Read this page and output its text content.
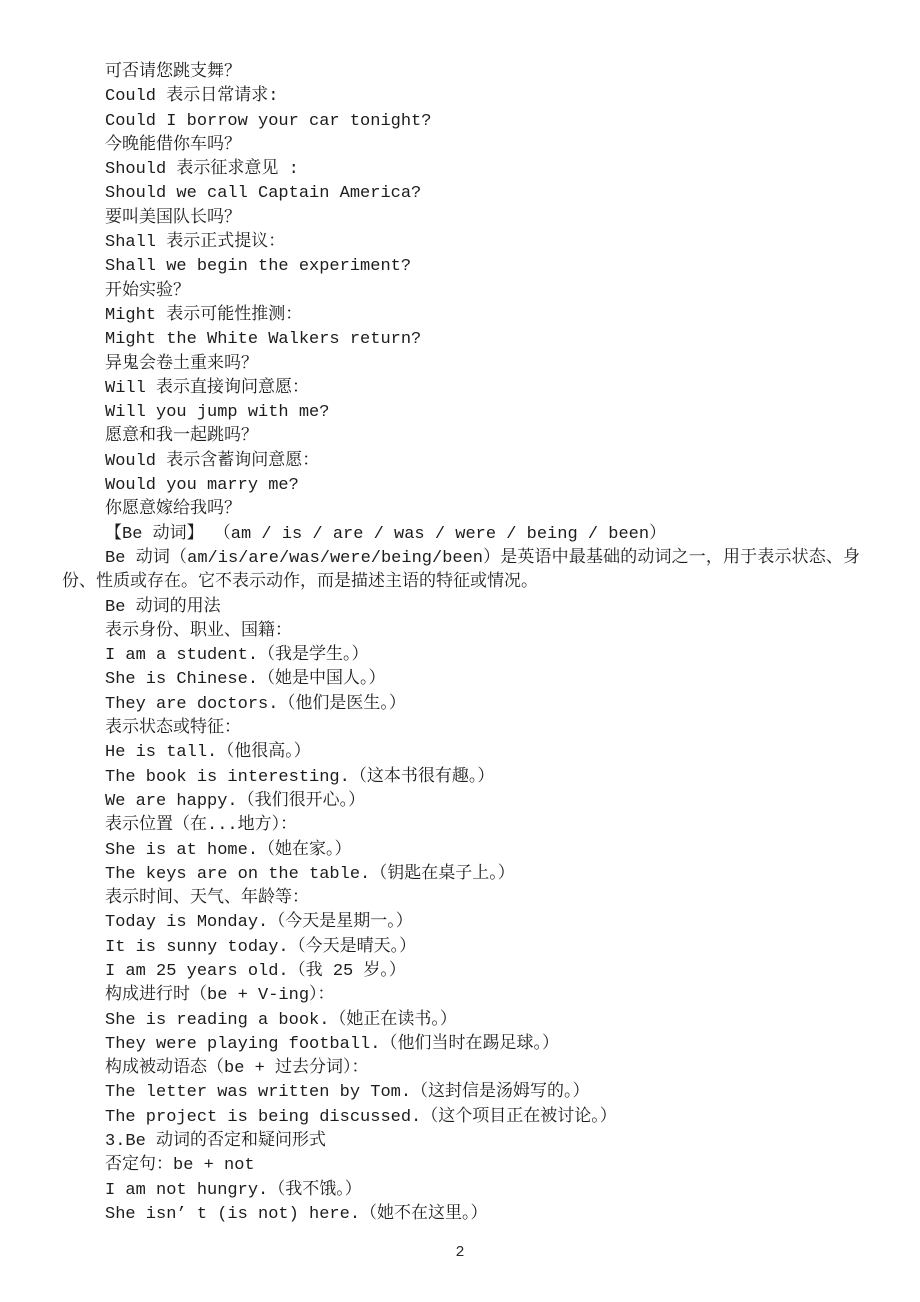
可否请您跳支舞？

Could 表示日常请求:

Could I borrow your car tonight?

今晚能借你车吗？

Should 表示征求意见 :

Should we call Captain America?

要叫美国队长吗？

Shall 表示正式提议：

Shall we begin the experiment?

开始实验？

Might 表示可能性推测：

Might the White Walkers return?

异鬼会卷土重来吗？

Will 表示直接询问意愿：

Will you jump with me?

愿意和我一起跳吗？

Would 表示含蓄询问意愿：

Would you marry me?

你愿意嫁给我吗？

【Be 动词】 （am / is / are / was / were / being / been）

Be 动词（am/is/are/was/were/being/been）是英语中最基础的动词之一，用于表示状态、身份、性质或存在。它不表示动作，而是描述主语的特征或情况。

Be 动词的用法

表示身份、职业、国籍：

I am a student.（我是学生。）

She is Chinese.（她是中国人。）

They are doctors.（他们是医生。）

表示状态或特征：

He is tall.（他很高。）

The book is interesting.（这本书很有趣。）

We are happy.（我们很开心。）

表示位置（在...地方）：

She is at home.（她在家。）

The keys are on the table.（钥匙在桌子上。）

表示时间、天气、年龄等：

Today is Monday.（今天是星期一。）

It is sunny today.（今天是晴天。）

I am 25 years old.（我 25 岁。）

构成进行时（be + V-ing）：

She is reading a book.（她正在读书。）

They were playing football.（他们当时在踢足球。）

构成被动语态（be + 过去分词）：

The letter was written by Tom.（这封信是汤姆写的。）

The project is being discussed.（这个项目正在被讨论。）

3.Be 动词的否定和疑问形式

否定句：be + not

I am not hungry.（我不饿。）

She isn’ t (is not) here.（她不在这里。）

2
